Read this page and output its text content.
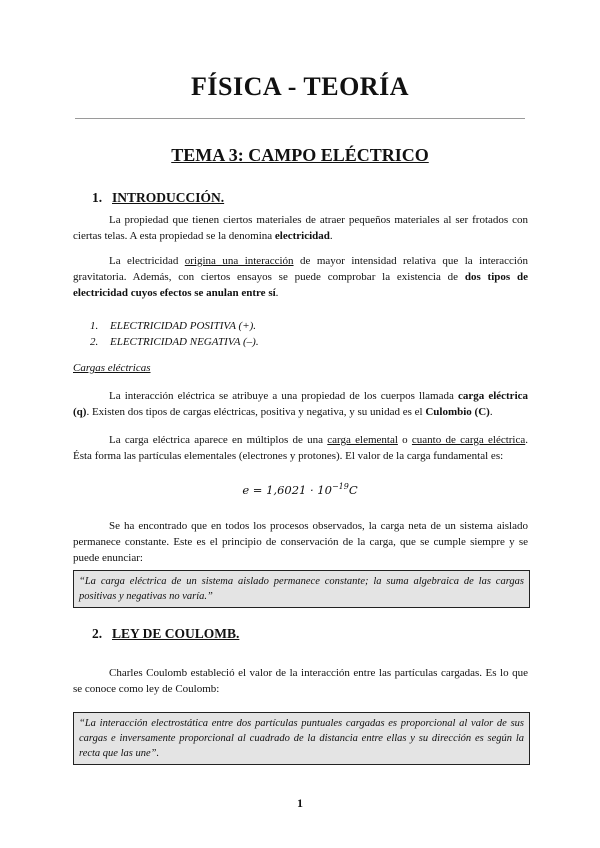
FÍSICA - TEORÍA
TEMA 3: CAMPO ELÉCTRICO
1. INTRODUCCIÓN.

La propiedad que tienen ciertos materiales de atraer pequeños materiales al ser frotados con ciertas telas. A esta propiedad se la denomina electricidad.

La electricidad origina una interacción de mayor intensidad relativa que la interacción gravitatoria. Además, con ciertos ensayos se puede comprobar la existencia de dos tipos de electricidad cuyos efectos se anulan entre sí.

1. ELECTRICIDAD POSITIVA (+).
2. ELECTRICIDAD NEGATIVA (–).

Cargas eléctricas

La interacción eléctrica se atribuye a una propiedad de los cuerpos llamada carga eléctrica (q). Existen dos tipos de cargas eléctricas, positiva y negativa, y su unidad es el Culombio (C).

La carga eléctrica aparece en múltiplos de una carga elemental o cuanto de carga eléctrica. Ésta forma las partículas elementales (electrones y protones). El valor de la carga fundamental es:

$e = 1,6021 \cdot 10^{-19}C$

Se ha encontrado que en todos los procesos observados, la carga neta de un sistema aislado permanece constante. Este es el principio de conservación de la carga, que se cumple siempre y se puede enunciar:

“La carga eléctrica de un sistema aislado permanece constante; la suma algebraica de las cargas positivas y negativas no varía.”
2. LEY DE COULOMB.

Charles Coulomb estableció el valor de la interacción entre las partículas cargadas. Es lo que se conoce como ley de Coulomb:

“La interacción electrostática entre dos partículas puntuales cargadas es proporcional al valor de sus cargas e inversamente proporcional al cuadrado de la distancia entre ellas y su dirección es según la recta que las une”.
1
